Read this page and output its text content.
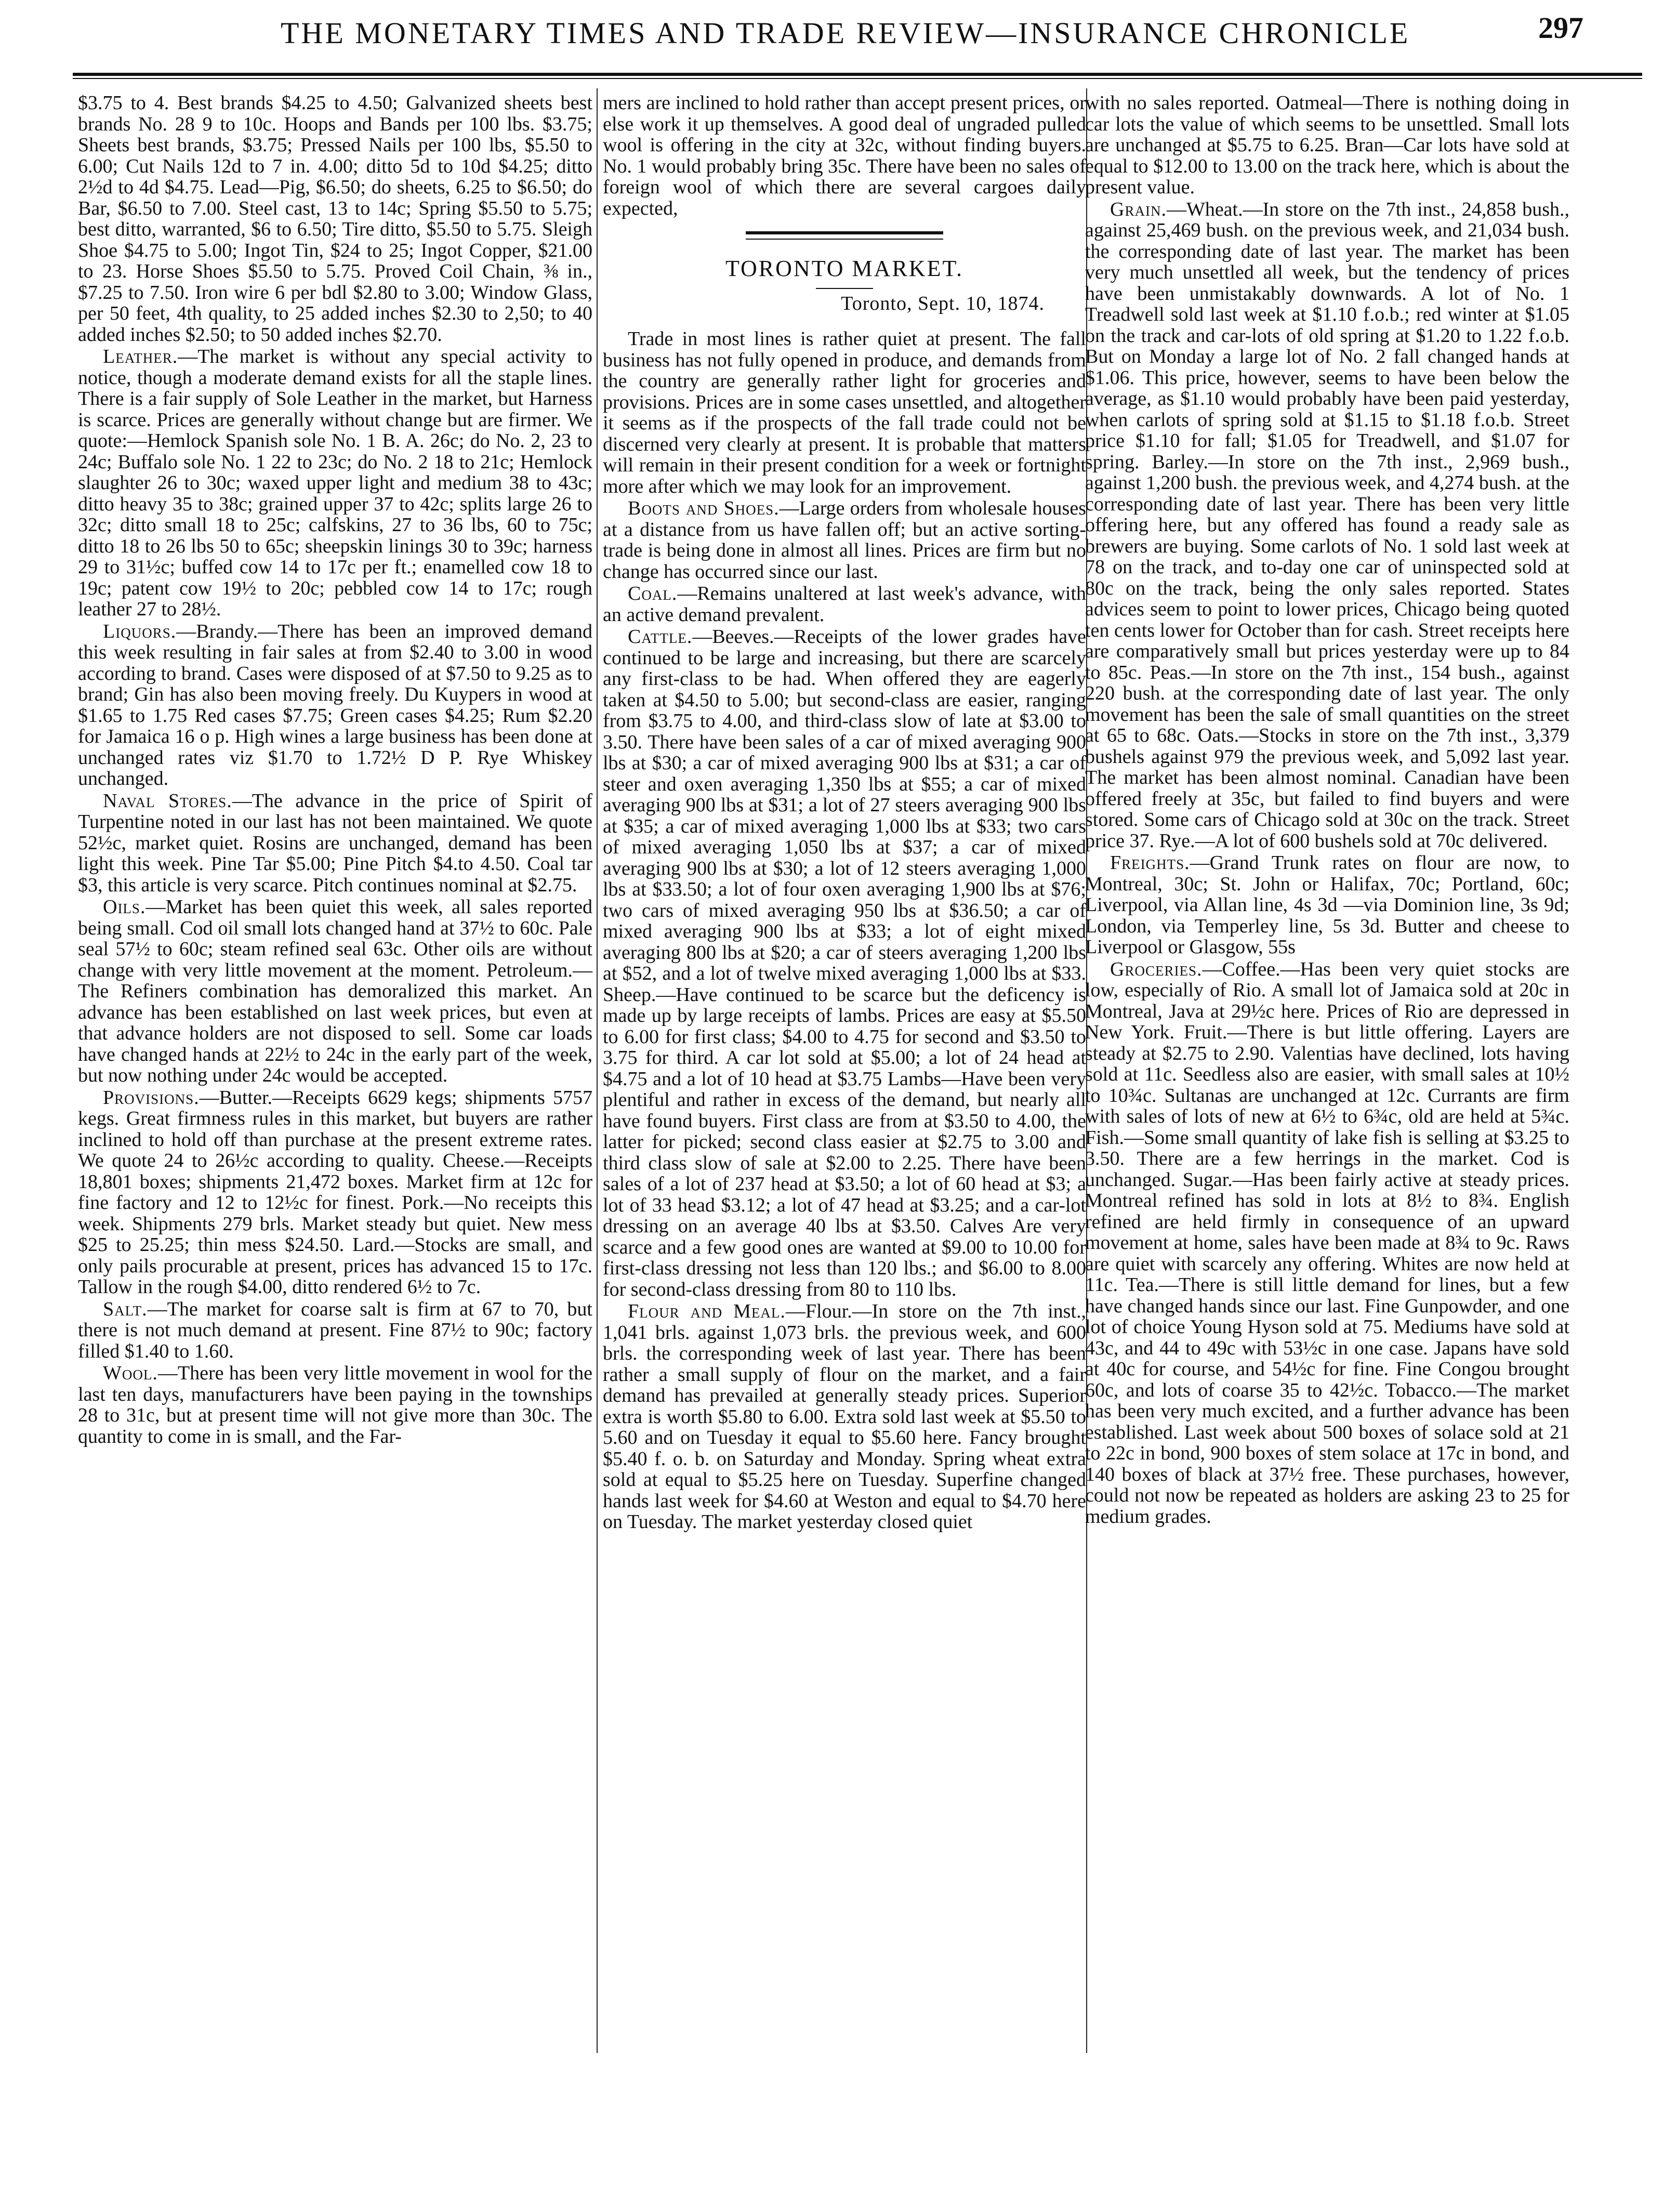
THE MONETARY TIMES AND TRADE REVIEW—INSURANCE CHRONICLE	297

$3.75 to 4. Best brands $4.25 to 4.50; Galvanized sheets best brands No. 28 9 to 10c. Hoops and Bands per 100 lbs. $3.75; Sheets best brands, $3.75; Pressed Nails per 100 lbs, $5.50 to 6.00; Cut Nails 12d to 7 in. 4.00; ditto 5d to 10d $4.25; ditto 2½d to 4d $4.75. Lead—Pig, $6.50; do sheets, 6.25 to $6.50; do Bar, $6.50 to 7.00. Steel cast, 13 to 14c; Spring $5.50 to 5.75; best ditto, warranted, $6 to 6.50; Tire ditto, $5.50 to 5.75. Sleigh Shoe $4.75 to 5.00; Ingot Tin, $24 to 25; Ingot Copper, $21.00 to 23. Horse Shoes $5.50 to 5.75. Proved Coil Chain, ⅜ in., $7.25 to 7.50. Iron wire 6 per bdl $2.80 to 3.00; Window Glass, per 50 feet, 4th quality, to 25 added inches $2.30 to 2,50; to 40 added inches $2.50; to 50 added inches $2.70.

Leather.—The market is without any special activity to notice, though a moderate demand exists for all the staple lines. There is a fair supply of Sole Leather in the market, but Harness is scarce. Prices are generally without change but are firmer. We quote:—Hemlock Spanish sole No. 1 B. A. 26c; do No. 2, 23 to 24c; Buffalo sole No. 1 22 to 23c; do No. 2 18 to 21c; Hemlock slaughter 26 to 30c; waxed upper light and medium 38 to 43c; ditto heavy 35 to 38c; grained upper 37 to 42c; splits large 26 to 32c; ditto small 18 to 25c; calfskins, 27 to 36 lbs, 60 to 75c; ditto 18 to 26 lbs 50 to 65c; sheepskin linings 30 to 39c; harness 29 to 31½c; buffed cow 14 to 17c per ft.; enamelled cow 18 to 19c; patent cow 19½ to 20c; pebbled cow 14 to 17c; rough leather 27 to 28½.

Liquors.—Brandy.—There has been an improved demand this week resulting in fair sales at from $2.40 to 3.00 in wood according to brand. Cases were disposed of at $7.50 to 9.25 as to brand; Gin has also been moving freely. Du Kuypers in wood at $1.65 to 1.75 Red cases $7.75; Green cases $4.25; Rum $2.20 for Jamaica 16 o p. High wines a large business has been done at unchanged rates viz $1.70 to 1.72½ D P. Rye Whiskey unchanged.

Naval Stores.—The advance in the price of Spirit of Turpentine noted in our last has not been maintained. We quote 52½c, market quiet. Rosins are unchanged, demand has been light this week. Pine Tar $5.00; Pine Pitch $4.to 4.50. Coal tar $3, this article is very scarce. Pitch continues nominal at $2.75.

Oils.—Market has been quiet this week, all sales reported being small. Cod oil small lots changed hand at 37½ to 60c. Pale seal 57½ to 60c; steam refined seal 63c. Other oils are without change with very little movement at the moment. Petroleum.—The Refiners combination has demoralized this market. An advance has been established on last week prices, but even at that advance holders are not disposed to sell. Some car loads have changed hands at 22½ to 24c in the early part of the week, but now nothing under 24c would be accepted.

Provisions.—Butter.—Receipts 6629 kegs; shipments 5757 kegs. Great firmness rules in this market, but buyers are rather inclined to hold off than purchase at the present extreme rates. We quote 24 to 26½c according to quality. Cheese.—Receipts 18,801 boxes; shipments 21,472 boxes. Market firm at 12c for fine factory and 12 to 12½c for finest. Pork.—No receipts this week. Shipments 279 brls. Market steady but quiet. New mess $25 to 25.25; thin mess $24.50. Lard.—Stocks are small, and only pails procurable at present, prices has advanced 15 to 17c. Tallow in the rough $4.00, ditto rendered 6½ to 7c.

Salt.—The market for coarse salt is firm at 67 to 70, but there is not much demand at present. Fine 87½ to 90c; factory filled $1.40 to 1.60.

Wool.—There has been very little movement in wool for the last ten days, manufacturers have been paying in the townships 28 to 31c, but at present time will not give more than 30c. The quantity to come in is small, and the Far-

mers are inclined to hold rather than accept present prices, or else work it up themselves. A good deal of ungraded pulled wool is offering in the city at 32c, without finding buyers. No. 1 would probably bring 35c. There have been no sales of foreign wool of which there are several cargoes daily expected,

TORONTO MARKET.
Toronto, Sept. 10, 1874.

Trade in most lines is rather quiet at present. The fall business has not fully opened in produce, and demands from the country are generally rather light for groceries and provisions. Prices are in some cases unsettled, and altogether it seems as if the prospects of the fall trade could not be discerned very clearly at present. It is probable that matters will remain in their present condition for a week or fortnight more after which we may look for an improvement.

Boots and Shoes.—Large orders from wholesale houses at a distance from us have fallen off; but an active sorting-trade is being done in almost all lines. Prices are firm but no change has occurred since our last.

Coal.—Remains unaltered at last week's advance, with an active demand prevalent.

Cattle.—Beeves.—Receipts of the lower grades have continued to be large and increasing, but there are scarcely any first-class to be had. When offered they are eagerly taken at $4.50 to 5.00; but second-class are easier, ranging from $3.75 to 4.00, and third-class slow of late at $3.00 to 3.50. There have been sales of a car of mixed averaging 900 lbs at $30; a car of mixed averaging 900 lbs at $31; a car of steer and oxen averaging 1,350 lbs at $55; a car of mixed averaging 900 lbs at $31; a lot of 27 steers averaging 900 lbs at $35; a car of mixed averaging 1,000 lbs at $33; two cars of mixed averaging 1,050 lbs at $37; a car of mixed averaging 900 lbs at $30; a lot of 12 steers averaging 1,000 lbs at $33.50; a lot of four oxen averaging 1,900 lbs at $76; two cars of mixed averaging 950 lbs at $36.50; a car of mixed averaging 900 lbs at $33; a lot of eight mixed averaging 800 lbs at $20; a car of steers averaging 1,200 lbs at $52, and a lot of twelve mixed averaging 1,000 lbs at $33. Sheep.—Have continued to be scarce but the deficency is made up by large receipts of lambs. Prices are easy at $5.50 to 6.00 for first class; $4.00 to 4.75 for second and $3.50 to 3.75 for third. A car lot sold at $5.00; a lot of 24 head at $4.75 and a lot of 10 head at $3.75 Lambs—Have been very plentiful and rather in excess of the demand, but nearly all have found buyers. First class are from at $3.50 to 4.00, the latter for picked; second class easier at $2.75 to 3.00 and third class slow of sale at $2.00 to 2.25. There have been sales of a lot of 237 head at $3.50; a lot of 60 head at $3; a lot of 33 head $3.12; a lot of 47 head at $3.25; and a car-lot dressing on an average 40 lbs at $3.50. Calves Are very scarce and a few good ones are wanted at $9.00 to 10.00 for first-class dressing not less than 120 lbs.; and $6.00 to 8.00 for second-class dressing from 80 to 110 lbs.

Flour and Meal.—Flour.—In store on the 7th inst., 1,041 brls. against 1,073 brls. the previous week, and 600 brls. the corresponding week of last year. There has been rather a small supply of flour on the market, and a fair demand has prevailed at generally steady prices. Superior extra is worth $5.80 to 6.00. Extra sold last week at $5.50 to 5.60 and on Tuesday it equal to $5.60 here. Fancy brought $5.40 f. o. b. on Saturday and Monday. Spring wheat extra sold at equal to $5.25 here on Tuesday. Superfine changed hands last week for $4.60 at Weston and equal to $4.70 here on Tuesday. The market yesterday closed quiet

with no sales reported. Oatmeal—There is nothing doing in car lots the value of which seems to be unsettled. Small lots are unchanged at $5.75 to 6.25. Bran—Car lots have sold at equal to $12.00 to 13.00 on the track here, which is about the present value.

Grain.—Wheat.—In store on the 7th inst., 24,858 bush., against 25,469 bush. on the previous week, and 21,034 bush. the corresponding date of last year. The market has been very much unsettled all week, but the tendency of prices have been unmistakably downwards. A lot of No. 1 Treadwell sold last week at $1.10 f.o.b.; red winter at $1.05 on the track and car-lots of old spring at $1.20 to 1.22 f.o.b. But on Monday a large lot of No. 2 fall changed hands at $1.06. This price, however, seems to have been below the average, as $1.10 would probably have been paid yesterday, when carlots of spring sold at $1.15 to $1.18 f.o.b. Street price $1.10 for fall; $1.05 for Treadwell, and $1.07 for spring. Barley.—In store on the 7th inst., 2,969 bush., against 1,200 bush. the previous week, and 4,274 bush. at the corresponding date of last year. There has been very little offering here, but any offered has found a ready sale as brewers are buying. Some carlots of No. 1 sold last week at 78 on the track, and to-day one car of uninspected sold at 80c on the track, being the only sales reported. States advices seem to point to lower prices, Chicago being quoted ten cents lower for October than for cash. Street receipts here are comparatively small but prices yesterday were up to 84 to 85c. Peas.—In store on the 7th inst., 154 bush., against 220 bush. at the corresponding date of last year. The only movement has been the sale of small quantities on the street at 65 to 68c. Oats.—Stocks in store on the 7th inst., 3,379 bushels against 979 the previous week, and 5,092 last year. The market has been almost nominal. Canadian have been offered freely at 35c, but failed to find buyers and were stored. Some cars of Chicago sold at 30c on the track. Street price 37. Rye.—A lot of 600 bushels sold at 70c delivered.

Freights.—Grand Trunk rates on flour are now, to Montreal, 30c; St. John or Halifax, 70c; Portland, 60c; Liverpool, via Allan line, 4s 3d —via Dominion line, 3s 9d; London, via Temperley line, 5s 3d. Butter and cheese to Liverpool or Glasgow, 55s

Groceries.—Coffee.—Has been very quiet stocks are low, especially of Rio. A small lot of Jamaica sold at 20c in Montreal, Java at 29½c here. Prices of Rio are depressed in New York. Fruit.—There is but little offering. Layers are steady at $2.75 to 2.90. Valentias have declined, lots having sold at 11c. Seedless also are easier, with small sales at 10½ to 10¾c. Sultanas are unchanged at 12c. Currants are firm with sales of lots of new at 6½ to 6¾c, old are held at 5¾c. Fish.—Some small quantity of lake fish is selling at $3.25 to 3.50. There are a few herrings in the market. Cod is unchanged. Sugar.—Has been fairly active at steady prices. Montreal refined has sold in lots at 8½ to 8¾. English refined are held firmly in consequence of an upward movement at home, sales have been made at 8¾ to 9c. Raws are quiet with scarcely any offering. Whites are now held at 11c. Tea.—There is still little demand for lines, but a few have changed hands since our last. Fine Gunpowder, and one lot of choice Young Hyson sold at 75. Mediums have sold at 43c, and 44 to 49c with 53½c in one case. Japans have sold at 40c for course, and 54½c for fine. Fine Congou brought 60c, and lots of coarse 35 to 42½c. Tobacco.—The market has been very much excited, and a further advance has been established. Last week about 500 boxes of solace sold at 21 to 22c in bond, 900 boxes of stem solace at 17c in bond, and 140 boxes of black at 37½ free. These purchases, however, could not now be repeated as holders are asking 23 to 25 for medium grades.
